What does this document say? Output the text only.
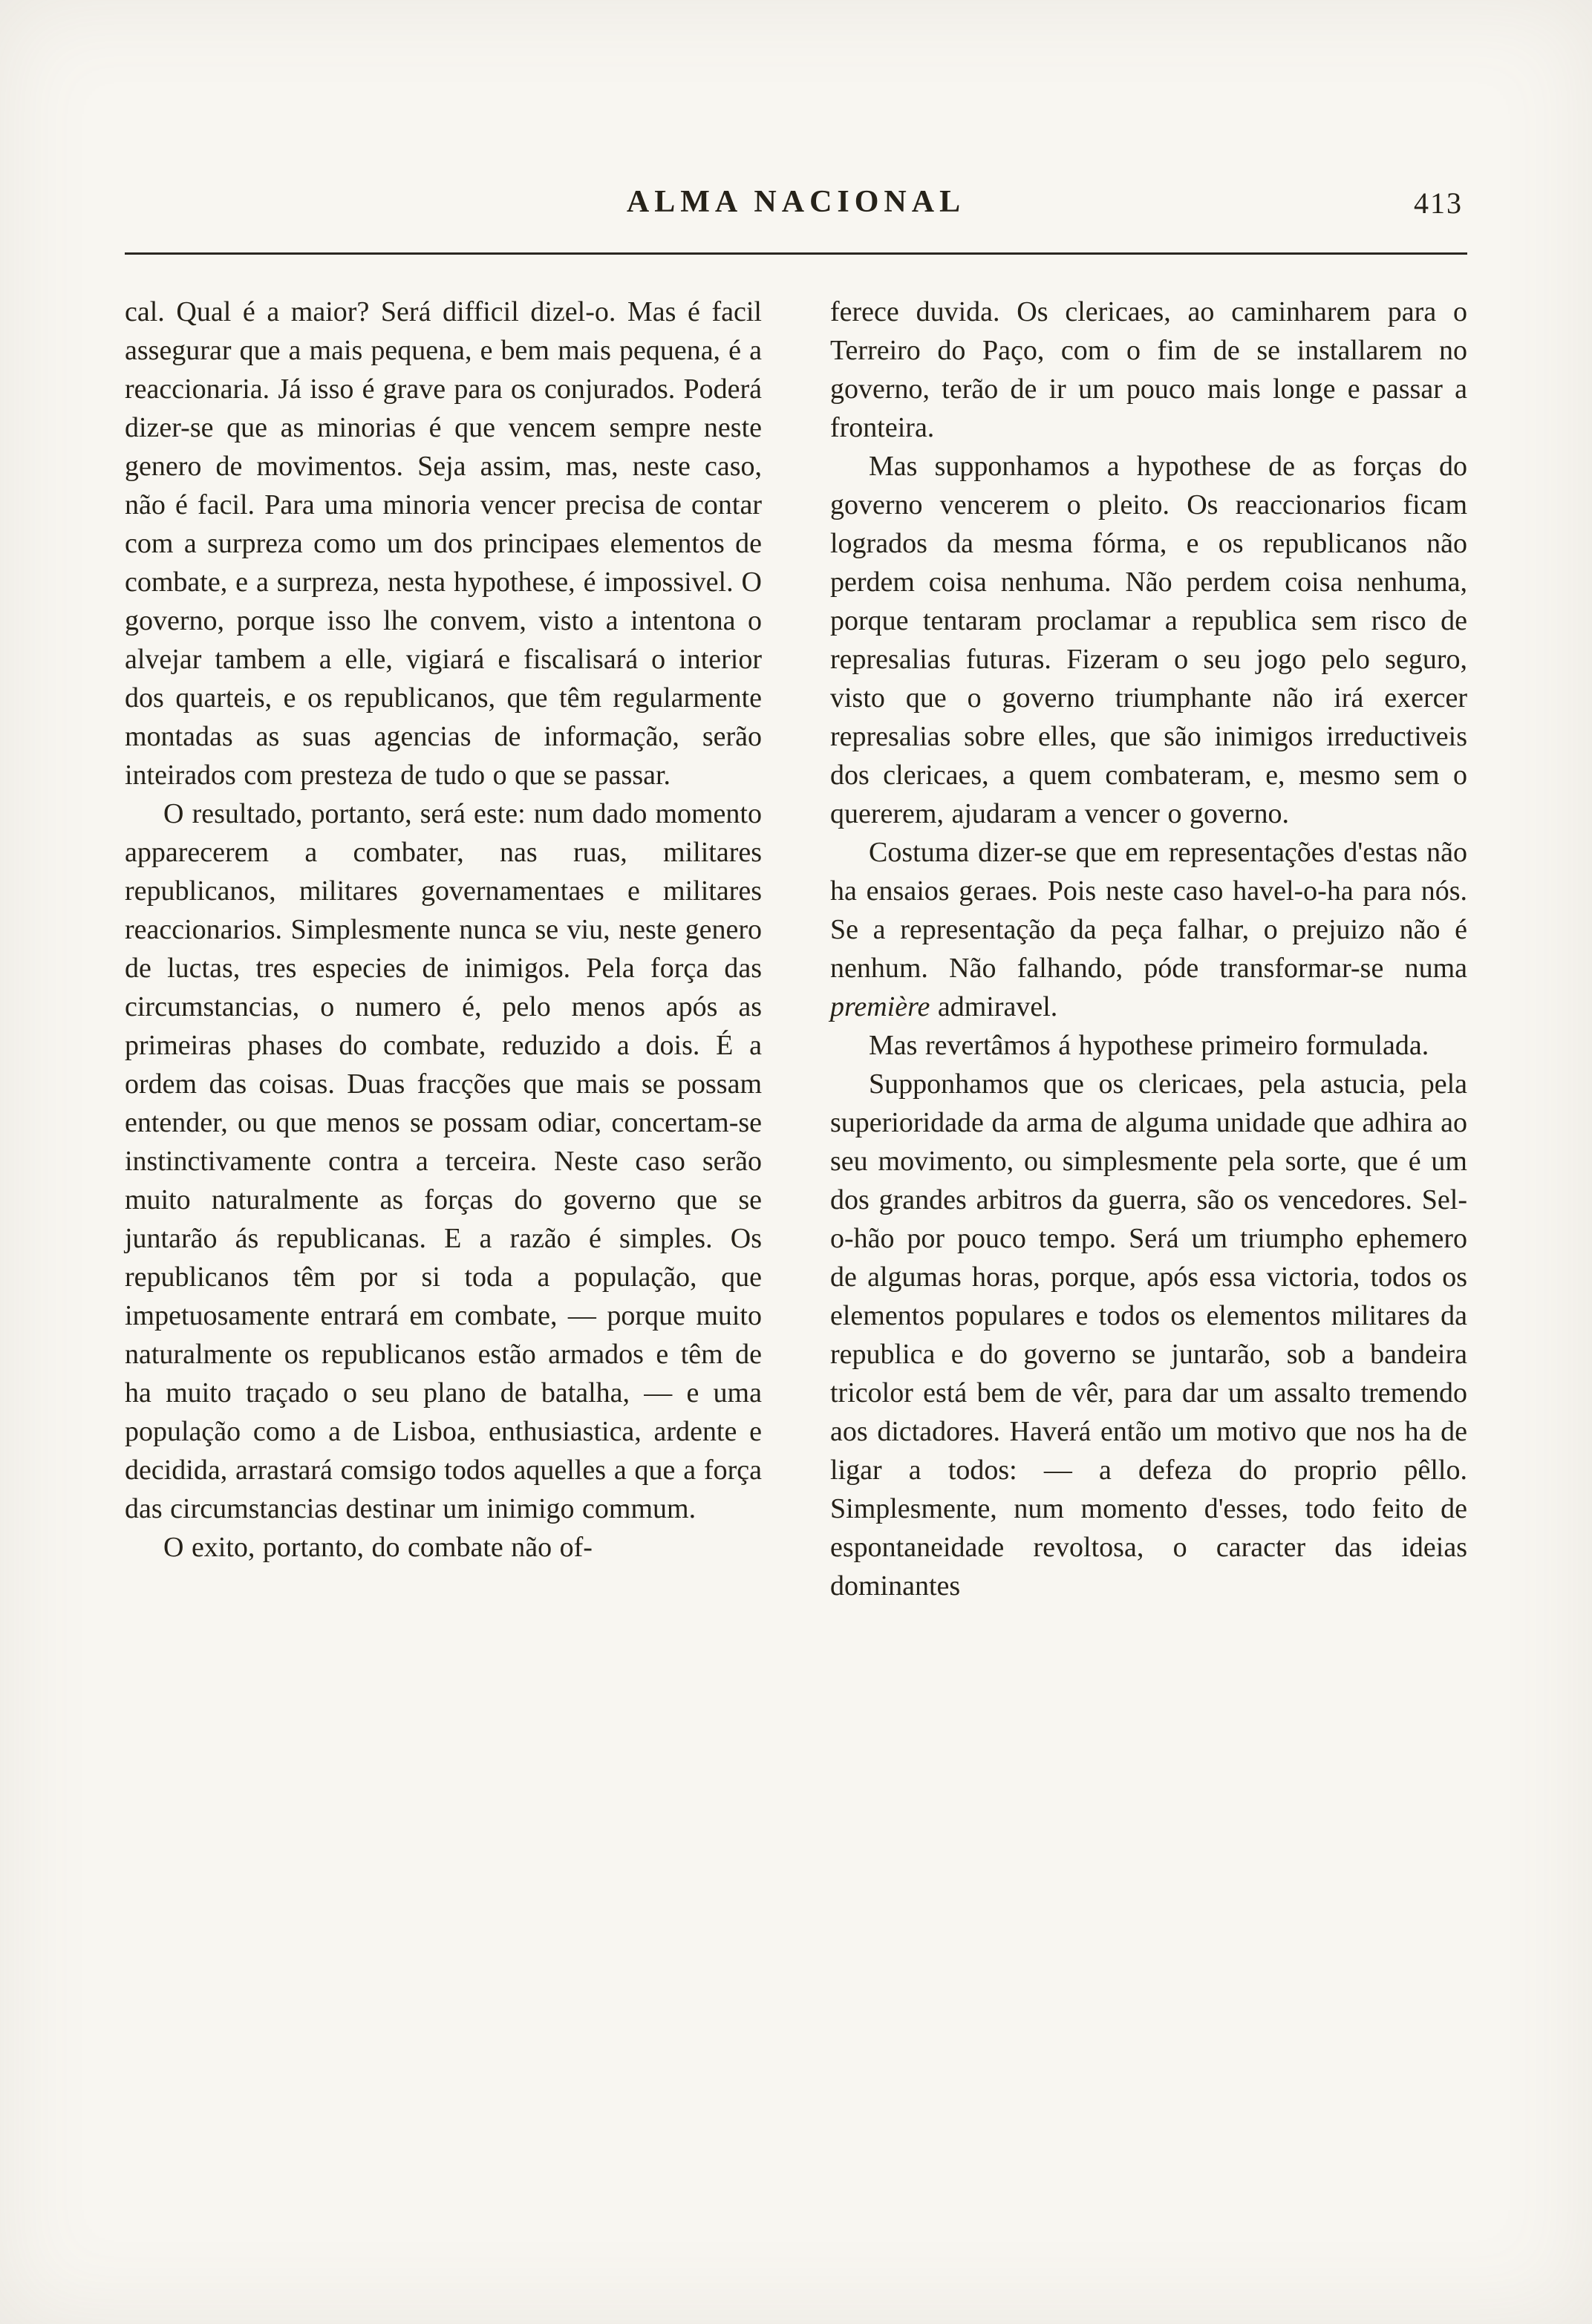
ALMA NACIONAL	413

cal. Qual é a maior? Será difficil dizel-o. Mas é facil assegurar que a mais pequena, e bem mais pequena, é a reaccionaria. Já isso é grave para os conjurados. Poderá dizer-se que as minorias é que vencem sempre neste genero de movimentos. Seja assim, mas, neste caso, não é facil. Para uma minoria vencer precisa de contar com a surpreza como um dos principaes elementos de combate, e a surpreza, nesta hypothese, é impossivel. O governo, porque isso lhe convem, visto a intentona o alvejar tambem a elle, vigiará e fiscalisará o interior dos quarteis, e os republicanos, que têm regularmente montadas as suas agencias de informação, serão inteirados com presteza de tudo o que se passar.

O resultado, portanto, será este: num dado momento apparecerem a combater, nas ruas, militares republicanos, militares governamentaes e militares reaccionarios. Simplesmente nunca se viu, neste genero de luctas, tres especies de inimigos. Pela força das circumstancias, o numero é, pelo menos após as primeiras phases do combate, reduzido a dois. É a ordem das coisas. Duas fracções que mais se possam entender, ou que menos se possam odiar, concertam-se instinctivamente contra a terceira. Neste caso serão muito naturalmente as forças do governo que se juntarão ás republicanas. E a razão é simples. Os republicanos têm por si toda a população, que impetuosamente entrará em combate, — porque muito naturalmente os republicanos estão armados e têm de ha muito traçado o seu plano de batalha, — e uma população como a de Lisboa, enthusiastica, ardente e decidida, arrastará comsigo todos aquelles a que a força das circumstancias destinar um inimigo commum.

O exito, portanto, do combate não of-

ferece duvida. Os clericaes, ao caminharem para o Terreiro do Paço, com o fim de se installarem no governo, terão de ir um pouco mais longe e passar a fronteira.

Mas supponhamos a hypothese de as forças do governo vencerem o pleito. Os reaccionarios ficam logrados da mesma fórma, e os republicanos não perdem coisa nenhuma. Não perdem coisa nenhuma, porque tentaram proclamar a republica sem risco de represalias futuras. Fizeram o seu jogo pelo seguro, visto que o governo triumphante não irá exercer represalias sobre elles, que são inimigos irreductiveis dos clericaes, a quem combateram, e, mesmo sem o quererem, ajudaram a vencer o governo.

Costuma dizer-se que em representações d'estas não ha ensaios geraes. Pois neste caso havel-o-ha para nós. Se a representação da peça falhar, o prejuizo não é nenhum. Não falhando, póde transformar-se numa première admiravel.

Mas revertâmos á hypothese primeiro formulada.

Supponhamos que os clericaes, pela astucia, pela superioridade da arma de alguma unidade que adhira ao seu movimento, ou simplesmente pela sorte, que é um dos grandes arbitros da guerra, são os vencedores. Sel-o-hão por pouco tempo. Será um triumpho ephemero de algumas horas, porque, após essa victoria, todos os elementos populares e todos os elementos militares da republica e do governo se juntarão, sob a bandeira tricolor está bem de vêr, para dar um assalto tremendo aos dictadores. Haverá então um motivo que nos ha de ligar a todos: — a defeza do proprio pêllo. Simplesmente, num momento d'esses, todo feito de espontaneidade revoltosa, o caracter das ideias dominantes
